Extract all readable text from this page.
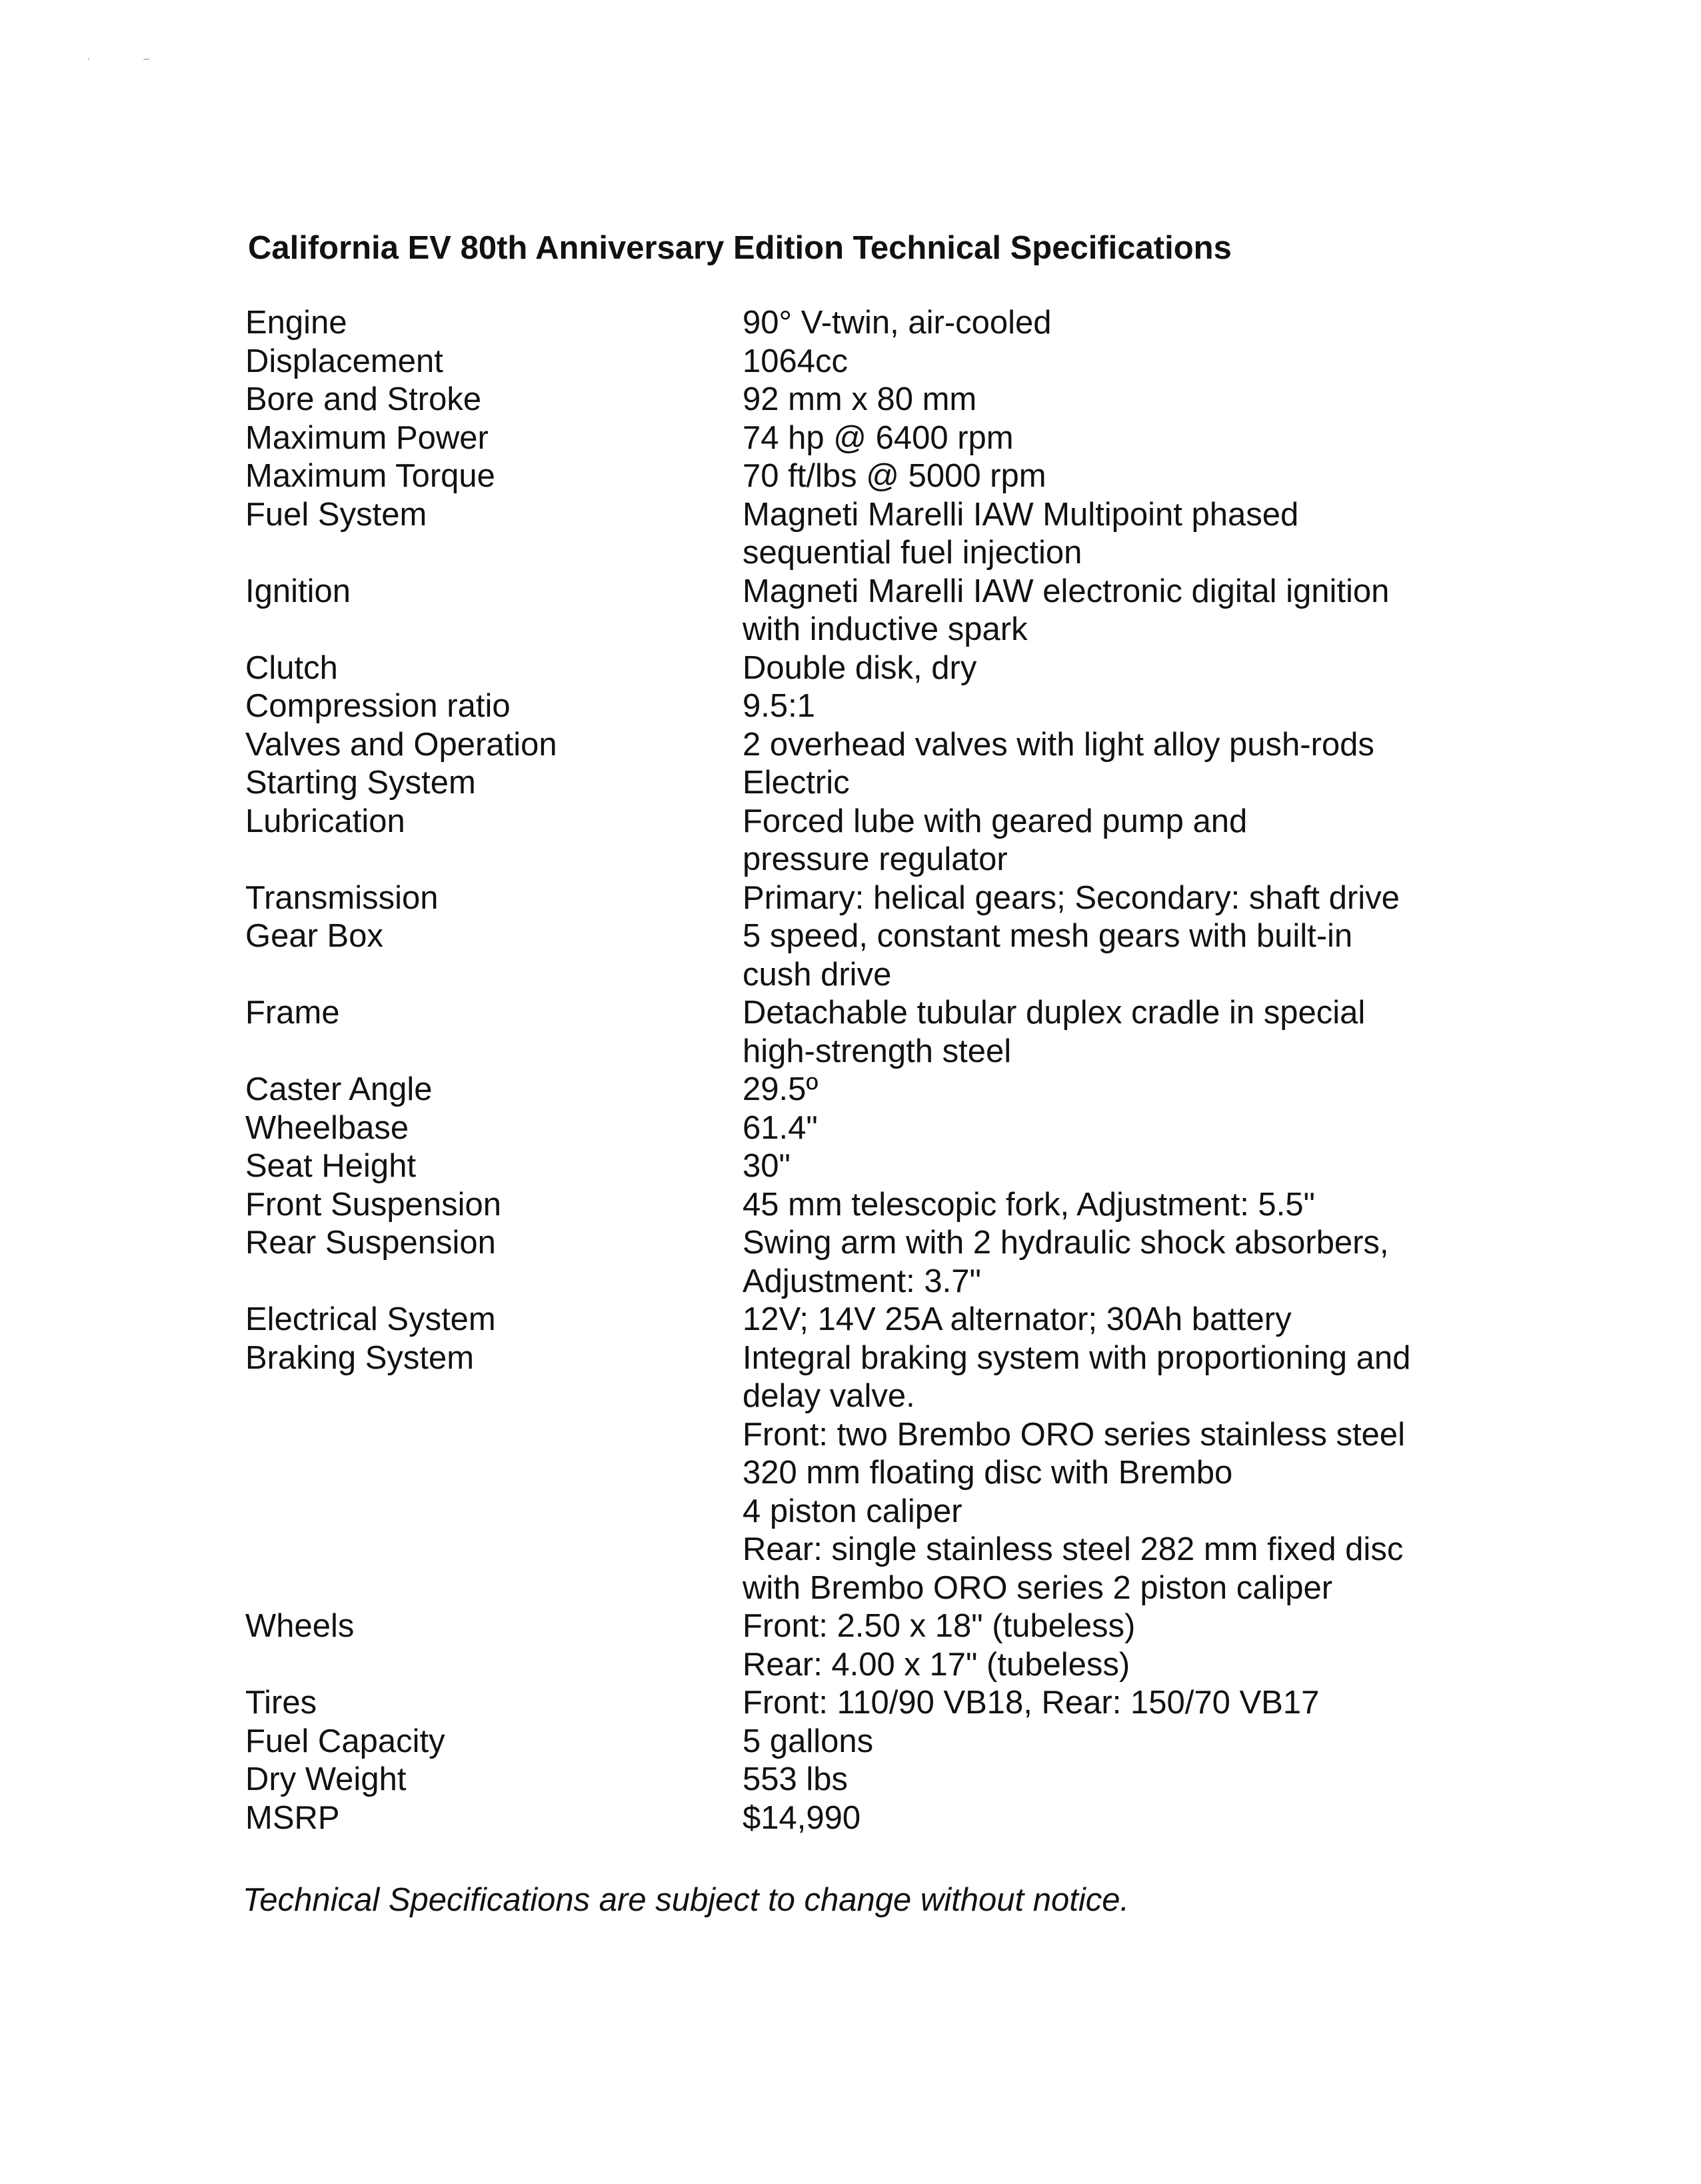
·                  –
California EV 80th Anniversary Edition Technical Specifications
Engine	90° V-twin, air-cooled
Displacement	1064cc
Bore and Stroke	92 mm x 80 mm
Maximum Power	74 hp @ 6400 rpm
Maximum Torque	70 ft/lbs @ 5000 rpm
Fuel System	Magneti Marelli IAW Multipoint phased
sequential fuel injection
Ignition	Magneti Marelli IAW electronic digital ignition
with inductive spark
Clutch	Double disk, dry
Compression ratio	9.5:1
Valves and Operation	2 overhead valves with light alloy push-rods
Starting System	Electric
Lubrication	Forced lube with geared pump and
pressure regulator
Transmission	Primary: helical gears; Secondary: shaft drive
Gear Box	5 speed, constant mesh gears with built-in
cush drive
Frame	Detachable tubular duplex cradle in special
high-strength steel
Caster Angle	29.5º
Wheelbase	61.4"
Seat Height	30"
Front Suspension	45 mm telescopic fork, Adjustment: 5.5"
Rear Suspension	Swing arm with 2 hydraulic shock absorbers,
Adjustment: 3.7"
Electrical System	12V; 14V 25A alternator; 30Ah battery
Braking System	Integral braking system with proportioning and
delay valve.
Front: two Brembo ORO series stainless steel
320 mm floating disc with Brembo
4 piston caliper
Rear: single stainless steel 282 mm fixed disc
with Brembo ORO series 2 piston caliper
Wheels	Front: 2.50 x 18" (tubeless)
Rear: 4.00 x 17" (tubeless)
Tires	Front: 110/90 VB18, Rear: 150/70 VB17
Fuel Capacity	5 gallons
Dry Weight	553 lbs
MSRP	$14,990
Technical Specifications are subject to change without notice.
